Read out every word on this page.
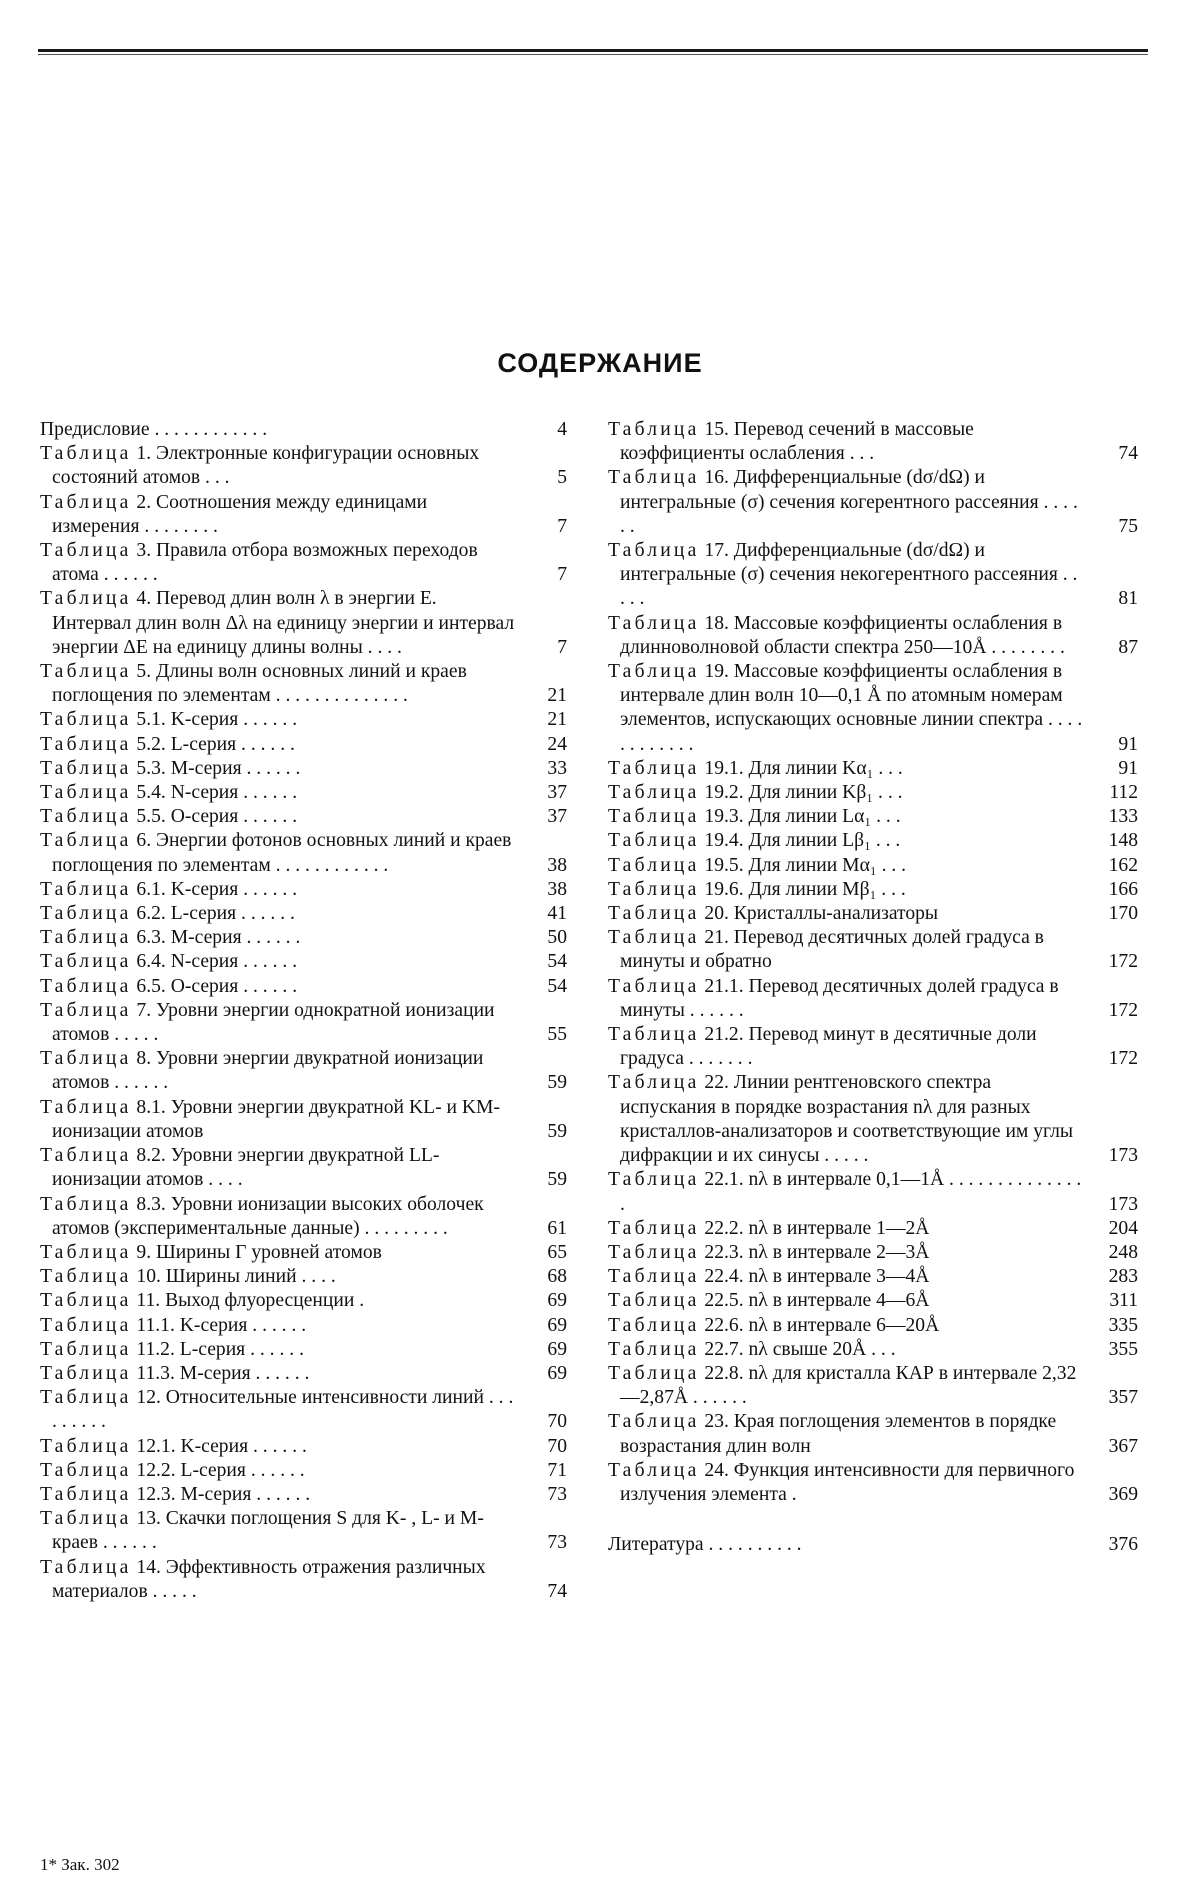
СОДЕРЖАНИЕ
Предисловие . . . . . . . . . . . .	4
Таблица 1. Электронные конфигурации основных состояний атомов . . .	5
Таблица 2. Соотношения между единицами измерения . . . . . . . .	7
Таблица 3. Правила отбора возможных переходов атома . . . . . .	7
Таблица 4. Перевод длин волн λ в энергии E. Интервал длин волн Δλ на единицу энергии и интервал энергии ΔE на единицу длины волны . . . .	7
Таблица 5. Длины волн основных линий и краев поглощения по элементам . . . . . . . . . . . . . .	21
Таблица 5.1. K-серия . . . . . .	21
Таблица 5.2. L-серия . . . . . .	24
Таблица 5.3. M-серия . . . . . .	33
Таблица 5.4. N-серия . . . . . .	37
Таблица 5.5. O-серия . . . . . .	37
Таблица 6. Энергии фотонов основных линий и краев поглощения по элементам . . . . . . . . . . . .	38
Таблица 6.1. K-серия . . . . . .	38
Таблица 6.2. L-серия . . . . . .	41
Таблица 6.3. M-серия . . . . . .	50
Таблица 6.4. N-серия . . . . . .	54
Таблица 6.5. O-серия . . . . . .	54
Таблица 7. Уровни энергии однократной ионизации атомов . . . . .	55
Таблица 8. Уровни энергии двукратной ионизации атомов . . . . . .	59
Таблица 8.1. Уровни энергии двукратной KL- и KM-ионизации атомов	59
Таблица 8.2. Уровни энергии двукратной LL-ионизации атомов . . . .	59
Таблица 8.3. Уровни ионизации высоких оболочек атомов (экспериментальные данные) . . . . . . . . .	61
Таблица 9. Ширины Г уровней атомов	65
Таблица 10. Ширины линий . . . .	68
Таблица 11. Выход флуоресценции .	69
Таблица 11.1. K-серия . . . . . .	69
Таблица 11.2. L-серия . . . . . .	69
Таблица 11.3. M-серия . . . . . .	69
Таблица 12. Относительные интенсивности линий . . . . . . . . .	70
Таблица 12.1. K-серия . . . . . .	70
Таблица 12.2. L-серия . . . . . .	71
Таблица 12.3. M-серия . . . . . .	73
Таблица 13. Скачки поглощения S для K- , L- и M-краев . . . . . .	73
Таблица 14. Эффективность отражения различных материалов . . . . .	74
Таблица 15. Перевод сечений в массовые коэффициенты ослабления . . .	74
Таблица 16. Дифференциальные (dσ/dΩ) и интегральные (σ) сечения когерентного рассеяния . . . . . .	75
Таблица 17. Дифференциальные (dσ/dΩ) и интегральные (σ) сечения некогерентного рассеяния . . . . .	81
Таблица 18. Массовые коэффициенты ослабления в длинноволновой области спектра 250—10Å . . . . . . . .	87
Таблица 19. Массовые коэффициенты ослабления в интервале длин волн 10—0,1 Å по атомным номерам элементов, испускающих основные линии спектра . . . . . . . . . . . .	91
Таблица 19.1. Для линии Kα₁ . . .	91
Таблица 19.2. Для линии Kβ₁ . . .	112
Таблица 19.3. Для линии Lα₁ . . .	133
Таблица 19.4. Для линии Lβ₁ . . .	148
Таблица 19.5. Для линии Mα₁ . . .	162
Таблица 19.6. Для линии Mβ₁ . . .	166
Таблица 20. Кристаллы-анализаторы	170
Таблица 21. Перевод десятичных долей градуса в минуты и обратно	172
Таблица 21.1. Перевод десятичных долей градуса в минуты . . . . . .	172
Таблица 21.2. Перевод минут в десятичные доли градуса . . . . . . .	172
Таблица 22. Линии рентгеновского спектра испускания в порядке возрастания nλ для разных кристаллов-анализаторов и соответствующие им углы дифракции и их синусы . . . . .	173
Таблица 22.1. nλ в интервале 0,1—1Å . . . . . . . . . . . . . . .	173
Таблица 22.2. nλ в интервале 1—2Å	204
Таблица 22.3. nλ в интервале 2—3Å	248
Таблица 22.4. nλ в интервале 3—4Å	283
Таблица 22.5. nλ в интервале 4—6Å	311
Таблица 22.6. nλ в интервале 6—20Å	335
Таблица 22.7. nλ свыше 20Å . . .	355
Таблица 22.8. nλ для кристалла КАР в интервале 2,32—2,87Å . . . . . .	357
Таблица 23. Края поглощения элементов в порядке возрастания длин волн	367
Таблица 24. Функция интенсивности для первичного излучения элемента .	369
Литература . . . . . . . . . .	376
1* Зак. 302
